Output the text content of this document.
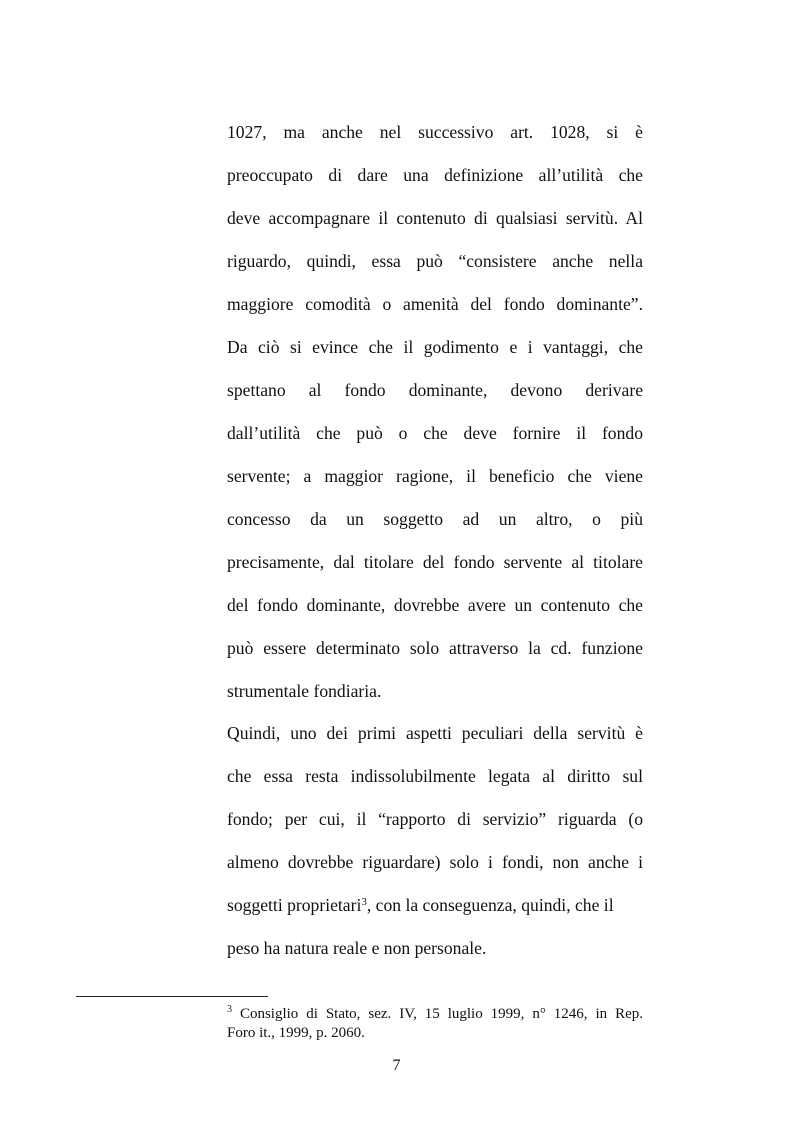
1027, ma anche nel successivo art. 1028, si è
preoccupato di dare una definizione all’utilità che
deve accompagnare il contenuto di qualsiasi servitù. Al
riguardo, quindi, essa può “consistere anche nella
maggiore comodità o amenità del fondo dominante”.
Da ciò si evince che il godimento e i vantaggi, che
spettano al fondo dominante, devono derivare
dall’utilità che può o che deve fornire il fondo
servente; a maggior ragione, il beneficio che viene
concesso da un soggetto ad un altro, o più
precisamente, dal titolare del fondo servente al titolare
del fondo dominante, dovrebbe avere un contenuto che
può essere determinato solo attraverso la cd. funzione
strumentale fondiaria.
Quindi, uno dei primi aspetti peculiari della servitù è
che essa resta indissolubilmente legata al diritto sul
fondo; per cui, il “rapporto di servizio” riguarda (o
almeno dovrebbe riguardare) solo i fondi, non anche i
soggetti proprietari$^3$, con la conseguenza, quindi, che il
peso ha natura reale e non personale.
$^3$ Consiglio di Stato, sez. IV, 15 luglio 1999, n° 1246, in Rep.
Foro it., 1999, p. 2060.
7
